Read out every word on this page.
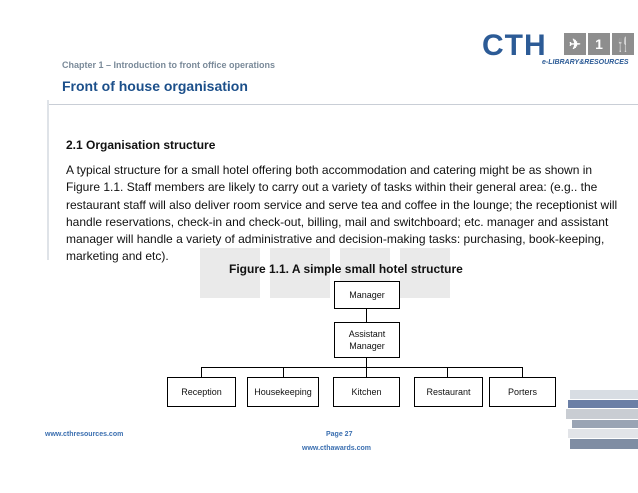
Chapter 1 – Introduction to front office operations
Front of house organisation
CTH	✈	1 🍴
e-LIBRARY&RESOURCES
2.1 Organisation structure
A typical structure for a small hotel offering both accommodation and catering might be as shown in Figure 1.1. Staff members are likely to carry out a variety of tasks within their general area: (e.g.. the restaurant staff will also deliver room service and serve tea and coffee in the lounge; the receptionist will handle reservations, check-in and check-out, billing, mail and switchboard; etc. manager and assistant manager will handle a variety of administrative and decision-making tasks: purchasing, book-keeping, marketing and etc).
Figure 1.1. A simple small hotel structure
Manager
Assistant Manager
Reception	Housekeeping	Kitchen	Restaurant	Porters
www.cthresources.com	Page 27
www.cthawards.com
